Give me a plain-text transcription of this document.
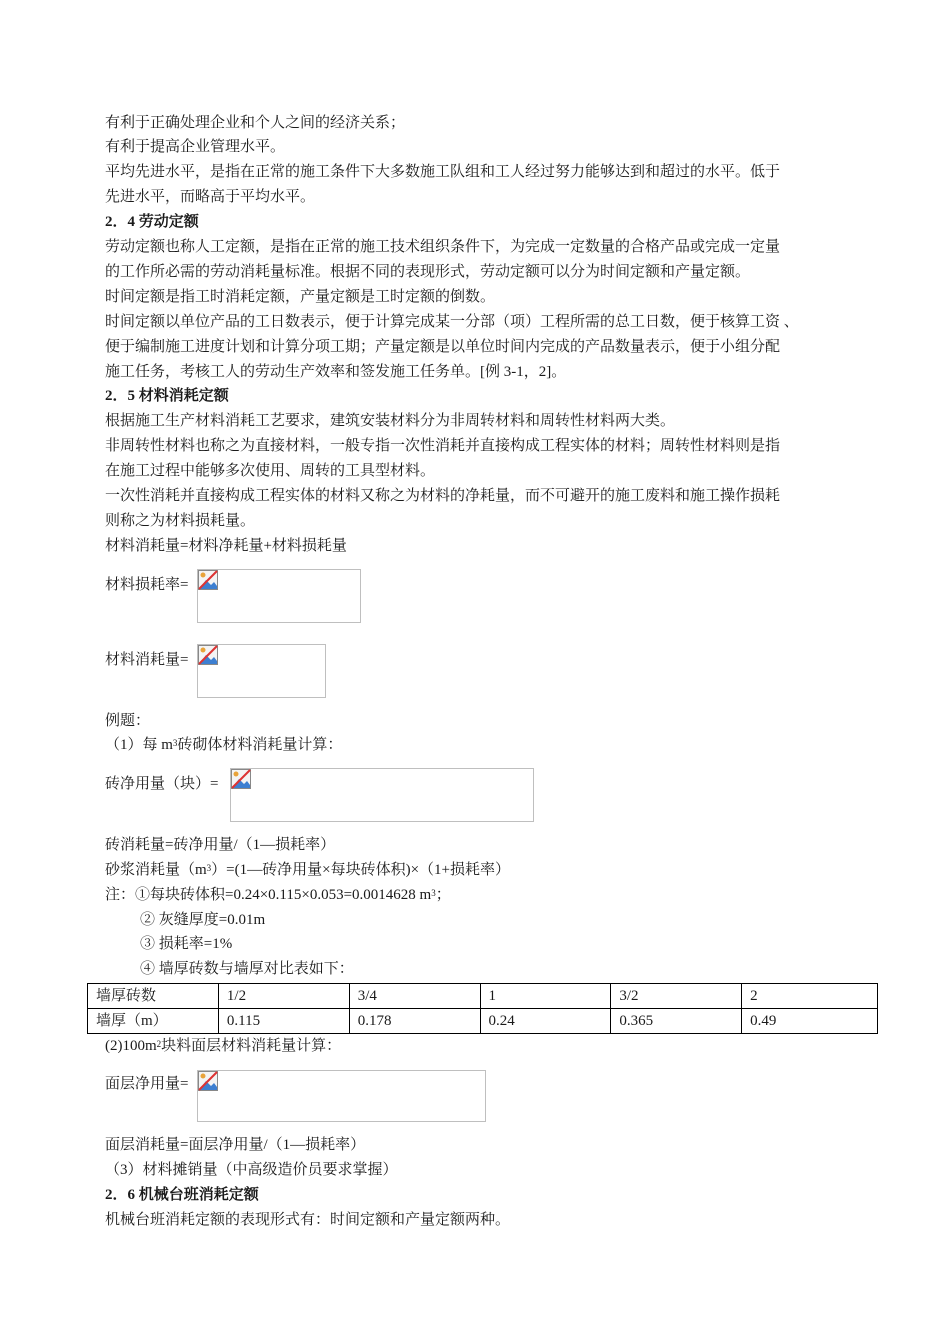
有利于正确处理企业和个人之间的经济关系；
有利于提高企业管理水平。
平均先进水平，是指在正常的施工条件下大多数施工队组和工人经过努力能够达到和超过的水平。低于
先进水平，而略高于平均水平。
2．4 劳动定额
劳动定额也称人工定额，是指在正常的施工技术组织条件下，为完成一定数量的合格产品或完成一定量
的工作所必需的劳动消耗量标准。根据不同的表现形式，劳动定额可以分为时间定额和产量定额。
时间定额是指工时消耗定额，产量定额是工时定额的倒数。
时间定额以单位产品的工日数表示，便于计算完成某一分部（项）工程所需的总工日数，便于核算工资 、
便于编制施工进度计划和计算分项工期；产量定额是以单位时间内完成的产品数量表示，便于小组分配
施工任务，考核工人的劳动生产效率和签发施工任务单。[例 3-1，2]。
2．5 材料消耗定额
根据施工生产材料消耗工艺要求，建筑安装材料分为非周转材料和周转性材料两大类。
非周转性材料也称之为直接材料，一般专指一次性消耗并直接构成工程实体的材料；周转性材料则是指
在施工过程中能够多次使用、周转的工具型材料。
一次性消耗并直接构成工程实体的材料又称之为材料的净耗量，而不可避开的施工废料和施工操作损耗
则称之为材料损耗量。
材料消耗量=材料净耗量+材料损耗量
材料损耗率=
材料消耗量=
例题：
（1）每 $m^3$砖砌体材料消耗量计算：
砖净用量（块）=
砖消耗量=砖净用量/（1—损耗率）
砂浆消耗量$(m^3)=(1—$砖净用量×每块砖体积)×（1+损耗率）
注：①每块砖体积=0.24×0.115×0.053=0.0014628 $m^3$；
② 灰缝厚度=0.01m
③ 损耗率=1%
④ 墙厚砖数与墙厚对比表如下：
墙厚砖数	1/2	3/4	1	3/2	2
墙厚（m）	0.115	0.178	0.24	0.365	0.49
$(2)100m^2$块料面层材料消耗量计算：
面层净用量=
面层消耗量=面层净用量/（1—损耗率）
（3）材料摊销量（中高级造价员要求掌握）
2．6 机械台班消耗定额
机械台班消耗定额的表现形式有：时间定额和产量定额两种。
